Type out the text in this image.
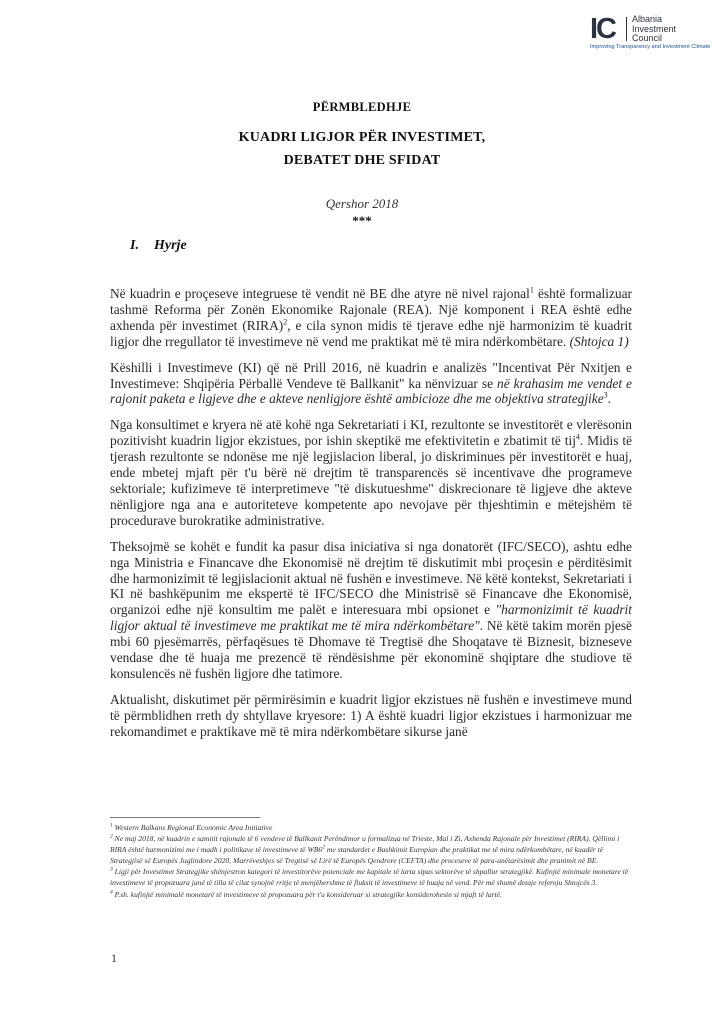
IC Albania
Investment
Council
Improving Transparency and Investment Climate
PËRMBLEDHJE
KUADRI LIGJOR PËR INVESTIMET,
DEBATET DHE SFIDAT
Qershor 2018
***
I. Hyrje

Në kuadrin e proçeseve integruese të vendit në BE dhe atyre në nivel rajonal$^1$ është formalizuar tashmë Reforma për Zonën Ekonomike Rajonale (REA). Një komponent i REA është edhe axhenda për investimet (RIRA)$^2$, e cila synon midis të tjerave edhe një harmonizim të kuadrit ligjor dhe rregullator të investimeve në vend me praktikat më të mira ndërkombëtare. (Shtojca 1)

Këshilli i Investimeve (KI) që në Prill 2016, në kuadrin e analizës "Incentivat Për Nxitjen e Investimeve: Shqipëria Përballë Vendeve të Ballkanit" ka nënvizuar se në krahasim me vendet e rajonit paketa e ligjeve dhe e akteve nenligjore është ambicioze dhe me objektiva strategjike$^3$.

Nga konsultimet e kryera në atë kohë nga Sekretariati i KI, rezultonte se investitorët e vlerësonin pozitivisht kuadrin ligjor ekzistues, por ishin skeptikë me efektivitetin e zbatimit të tij$^4$. Midis të tjerash rezultonte se ndonëse me një legjislacion liberal, jo diskriminues për investitorët e huaj, ende mbetej mjaft për t'u bërë në drejtim të transparencës së incentivave dhe programeve sektoriale; kufizimeve të interpretimeve "të diskutueshme" diskrecionare të ligjeve dhe akteve nënligjore nga ana e autoriteteve kompetente apo nevojave për thjeshtimin e mëtejshëm të procedurave burokratike administrative.

Theksojmë se kohët e fundit ka pasur disa iniciativa si nga donatorët (IFC/SECO), ashtu edhe nga Ministria e Financave dhe Ekonomisë në drejtim të diskutimit mbi proçesin e përditësimit dhe harmonizimit të legjislacionit aktual në fushën e investimeve. Në këtë kontekst, Sekretariati i KI në bashkëpunim me ekspertë të IFC/SECO dhe Ministrisë së Financave dhe Ekonomisë, organizoi edhe një konsultim me palët e interesuara mbi opsionet e "harmonizimit të kuadrit ligjor aktual të investimeve me praktikat me të mira ndërkombëtare". Në këtë takim morën pjesë mbi 60 pjesëmarrës, përfaqësues të Dhomave të Tregtisë dhe Shoqatave të Biznesit, bizneseve vendase dhe të huaja me prezencë të rëndësishme për ekonominë shqiptare dhe studiove të konsulencës në fushën ligjore dhe tatimore.

Aktualisht, diskutimet për përmirësimin e kuadrit ligjor ekzistues në fushën e investimeve mund të përmblidhen rreth dy shtyllave kryesore: 1) A është kuadri ligjor ekzistues i harmonizuar me rekomandimet e praktikave më të mira ndërkombëtare sikurse janë

$^1$ Western Balkans Regional Economic Area Initiative
$^2$ Ne maj 2018, në kuadrin e samitit rajonale të 6 vendeve të Ballkanit Perëndimor u formalizua në Trieste, Mal i Zi, Axhenda Rajonale për Investimet (RIRA). Qëllimi i RIRA është harmonizimi me i madh i politikave të investimeve të $WB6^2$ me standardet e Bashkimit Europian dhe praktikat me të mira ndërkombëtare, në kuadër të Strategjisë së Europës Juglindore 2020, Marrëveshjes së Tregtisë së Lirë të Europës Qendrore (CEFTA) dhe proceseve të para-anëtarësimit dhe pranimit në BE.
$^3$ Ligji për Investimet Strategjike shënjestron kategori të investitorëve potenciale me kapitale të larta sipas sektorëve të shpallur strategjikë. Kufinjtë minimale monetare të investimeve të propozuara janë të tilla të cilat synojnë rritje të menjëhershme të fluksit të investimeve të huaja në vend. Për më shumë detaje referoju Shtojcës 3.
$^4$ P.sh. kufinjtë minimalë monetarë të investimeve të propozuara për t'u konsideruar si strategjike konsiderohesin si mjaft të lartë.
1
